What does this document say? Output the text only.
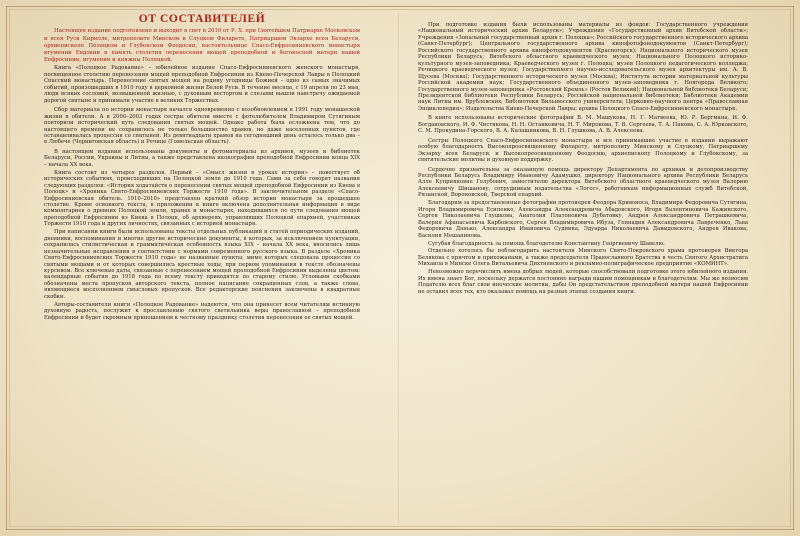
ОТ СОСТАВИТЕЛЕЙ

Настоящее издание подготовлено и выходит в свет в 2010 от Р. Х. при Святейшем Патриархе Московском и всея Руси Кирилле, митрополите Минском и Слуцком Филарете, Патриаршем Экзархе всея Беларуси, архиепископе Полоцком и Глубокском Феодосии, настоятельнице Спасо-Евфросиниевского монастыря игумении Евдокии в память столетия перенесения мощей преподобной и богоносной матери нашей Евфросинии, игумении и княжны Полоцкой.

Книга «Полоцкое Радование» – юбилейное издание Спасо-Евфросиниевского женского монастыря, посвященное столетию перенесения мощей преподобной Евфросинии из Киево-Печерской Лавры в Полоцкий Спасский монастырь. Перенесение святых мощей на родину угодницы Божией – одно из самых значимых событий, произошедших в 1910 году в церковной жизни Белой Руси. В течение месяца, с 19 апреля по 23 мая, люди всяких сословий, возвышенной жизнью, с духовным восторгом и слезами вышли навстречу ожидаемой дорогой святыне и принимали участие в великих Торжествах.

Сбор материала по истории монастыря начался одновременно с возобновлением в 1991 году монашеской жизни в обители. А в 2000–2003 годах сестры обители вместе с фотолюбителем Владимиром Сутягиным повторили исторический путь следования святых мощей. Однако работа была осложнена тем, что до настоящего времени не сохранилось не только большинство храмов, но даже населенных пунктов, где останавливалась процессия со святыней. Из девятнадцати храмов на сегодняшний день осталось только два – в Любече (Черниговская область) и Речице (Гомельская область).

В настоящем издании использованы документы и фотоматериалы из архивов, музеев и библиотек Беларуси, России, Украины и Литвы, а также представлена иконография преподобной Евфросинии конца XIX – начала XX века.

Книга состоит из четырех разделов. Первый – «Смысл жизни в уроках истории» – повествует об исторических событиях, происходивших на Полоцкой земле до 1910 года. Сами за себя говорят названия следующих разделов: «История ходатайств о перенесении святых мощей преподобной Евфросинии из Киева в Полоцк» и «Хроника Свято-Евфросиниевских Торжеств 1910 года». В заключительном разделе «Спасо-Евфросиниевская обитель. 1910–2010» представлен краткий обзор истории монастыря за прошедшее столетие. Кроме основного текста, в приложении к книге включена дополнительная информация в виде комментариев о древних Полоцкой земли, храмах и монастырях, находившихся по пути следования мощей преподобной Евфросинии из Киева в Полоцк, об архиереях, управлявших Полоцкой епархией, участниках Торжеств 1910 года и других личностях, связанных с историей монастыря.

При написании книги были использованы тексты отдельных публикаций и статей периодических изданий, дневники, воспоминания и многие другие исторические документы, в которых, за исключением пунктуации, сохранилась стилистическая и грамматическая особенность языка XIX – начала XX века, вносились лишь незначительные исправления в соответствии с нормами современного русского языка. В разделе «Хроника Свято-Евфросиниевских Торжеств 1910 года» не названные пункты, мимо которых следовала процессия со святыми мощами и от которых совершились крестные ходы, при первом упоминании в тексте обозначены курсивом. Все ключевые даты, связанные с перенесением мощей преподобной Евфросинии выделены цветом: календарные события до 1918 года по всему тексту приводятся по старому стилю. Угловыми скобками обозначены места пропусков авторского текста, полное написание сокращенных слов, а также слова, являющиеся восполнением смысловых пропусков. Все редакторские пояснения заключены в квадратные скобки.

Авторы-составители книги «Полоцкое Радование» надеются, что она принесет всем читателям истинную духовную радость, послужит к прославлению святого светильника веры православной – преподобной Евфросинии и будет скромным приношением к честному празднику столетия перенесения ее святых мощей.

При подготовке издания были использованы материалы из фондов: Государственного учреждения «Национальный исторический архив Беларуси»; Учреждения «Государственный архив Витебской области»; Учреждения «Зональный государственный архив г. Полоцка»; Российского государственного исторического архива (Санкт-Петербург); Центрального государственного архива кинофотофонодокументов (Санкт-Петербург); Российского государственного архива кинофотодокументов (Красногорск); Национального исторического музея Республики Беларусь; Витебского областного краеведческого музея; Национального Полоцкого историко-культурного музея-заповедника; Краеведческого музея г. Полоцка; музея Полоцкого педагогического колледжа; Речицкого краеведческого музея; Государственного научно-исследовательского музея архитектуры им. А. В. Щусева (Москва); Государственного исторического музея (Москва); Института истории материальной культуры Российской академии наук; Государственного объединенного музея-заповедника г. Новгорода Великого; Государственного музея-заповедника «Ростовский Кремль» (Ростов Великий); Национальной библиотеки Беларуси; Президентской библиотеки Республики Беларусь; Российской национальной библиотеки; Библиотеки Академии наук Литвы им. Врублевских; Библиотеки Вильнюсского университета; Церковно-научного центра «Православная Энциклопедия»; Издательства Киево-Печерской Лавры; архива Полоцкого Спасо-Евфросиниевского монастыря.

В книге использованы исторические фотографии В. М. Машукова, Н. Г. Матвеева, Ю. Р. Бергмана, И. Ф. Богдановского, И. Ф. Чистякова, Н. Н. Останкевича, Н. Т. Миронова, Т. В. Сергеева, Т. А. Панова, С. А. Юрковского, С. М. Прокудина-Горского, В. А. Калашникова, В. Н. Глушкова, А. В. Алексеева.

Сестры Полоцкого Спасо-Евфросиниевского монастыря и все принимавшие участие в издании выражают особую благодарность Высокопреосвященному Филарету, митрополиту Минскому и Слуцкому, Патриаршему Экзарху всея Беларуси, и Высокопреосвященному Феодосию, архиепископу Полоцкому и Глубокскому, за святительские молитвы и духовную поддержку.

Сердечно признательны за оказанную помощь директору Департамента по архивам и делопроизводству Республики Беларусь Владимиру Ивановичу Адамушко, директору Национального архива Республики Беларусь Алле Куприяновне Голубович, заместителю директора Витебского областного краеведческого музея Валерию Алексеевичу Шишанову, сотрудникам издательства «Логос», работникам информационных служб Витебской, Рязанской, Вороновской, Тверской епархий.

Благодарим за предоставленные фотографии протоиерея Феодора Кривоноса, Владимира Федоровича Сутягина, Игоря Владимировича Есипенко, Александра Александровича Абадовского, Игоря Валентиновича Кажинского, Сергея Николаевича Глушкова, Анатолия Платоновича Дубатовку, Андрея Александровича Петрашкевича, Валерия Афанасьевича Карбовского, Сергея Владимировича Ибуза, Геннадия Александровича Лавреченко, Льва Федоровича Данько, Александра Ивановича Судника, Эдуарда Николаевича Давыдовского, Андрея Ивакова, Василия Мешанинова.

Сугубая благодарность за помощь благодетелю Константину Георгиевичу Шавелю.

Отдельно хотелось бы поблагодарить настоятеля Минского Свято-Покровского храма протоиерея Виктора Белякова с причтом и прихожанами, а также председателя Православного Братства в честь Святого Архистратига Михаила в Минске Олега Витальевича Дихтиевского и рекламно-полиграфическое предприятие «КОМИНТ».

Невозможно перечислить имена добрых людей, которые способствовали подготовке этого юбилейного издания. Их имена знает Бог, поскольку держатся постоянно награди нашим помощникам и благодетелям. Мы же возносим Подателю всех благ свои иноческие молитвы, дабы Он предстательством преподобной матери нашей Евфросинии не оставил всех тех, кто оказывал помощь на разных этапах создания книги.
